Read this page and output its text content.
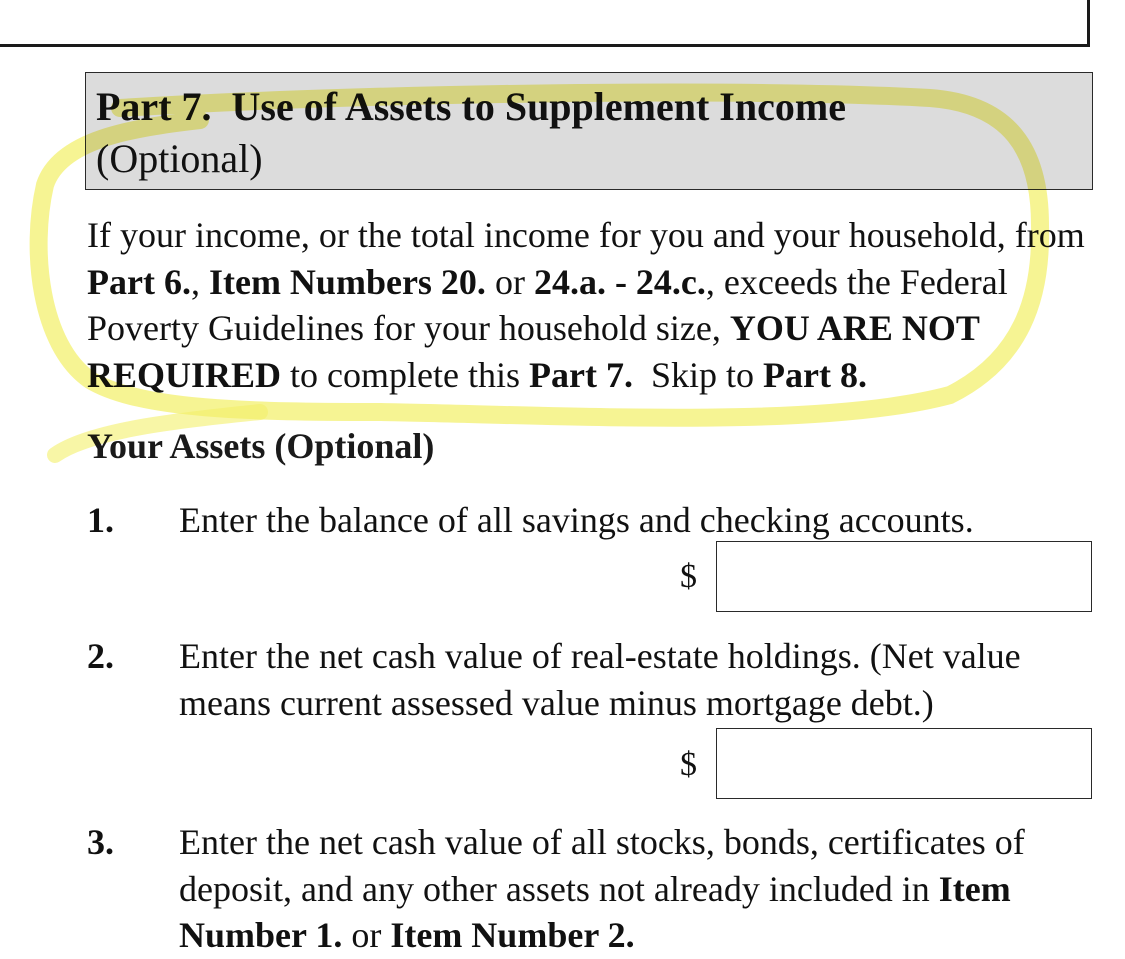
Part 7. Use of Assets to Supplement Income
(Optional)
If your income, or the total income for you and your household, from Part 6., Item Numbers 20. or 24.a. - 24.c., exceeds the Federal Poverty Guidelines for your household size, YOU ARE NOT REQUIRED to complete this Part 7.  Skip to Part 8.
Your Assets (Optional)
1. Enter the balance of all savings and checking accounts.
$
2. Enter the net cash value of real-estate holdings. (Net value means current assessed value minus mortgage debt.)
$
3. Enter the net cash value of all stocks, bonds, certificates of deposit, and any other assets not already included in Item Number 1. or Item Number 2.
